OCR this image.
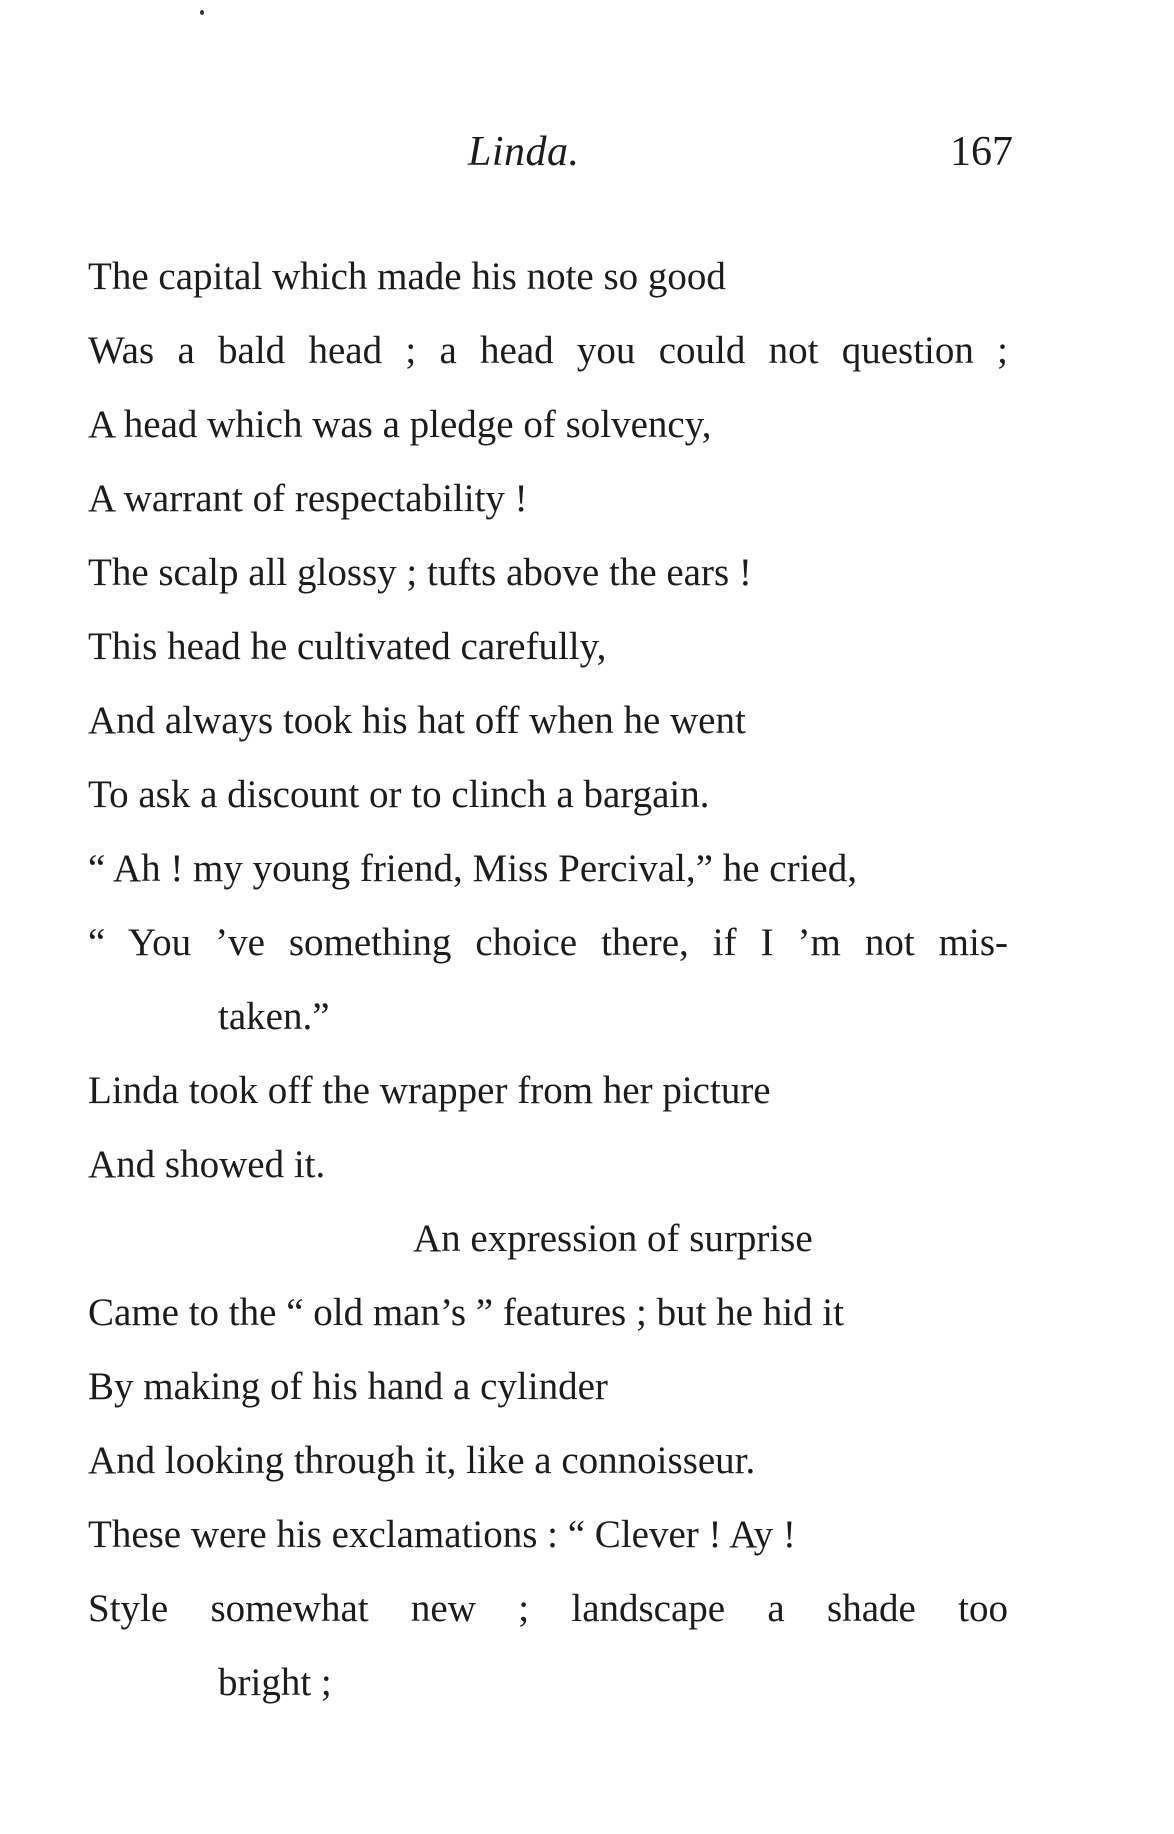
Linda.	167
The capital which made his note so good
Was a bald head ; a head you could not question ;
A head which was a pledge of solvency,
A warrant of respectability !
The scalp all glossy ; tufts above the ears !
This head he cultivated carefully,
And always took his hat off when he went
To ask a discount or to clinch a bargain.
“ Ah ! my young friend, Miss Percival,” he cried,
“ You ’ve something choice there, if I ’m not mis-
taken.”
Linda took off the wrapper from her picture
And showed it.
An expression of surprise
Came to the “ old man’s ” features ; but he hid it
By making of his hand a cylinder
And looking through it, like a connoisseur.
These were his exclamations : “ Clever ! Ay !
Style somewhat new ; landscape a shade too
bright ;
